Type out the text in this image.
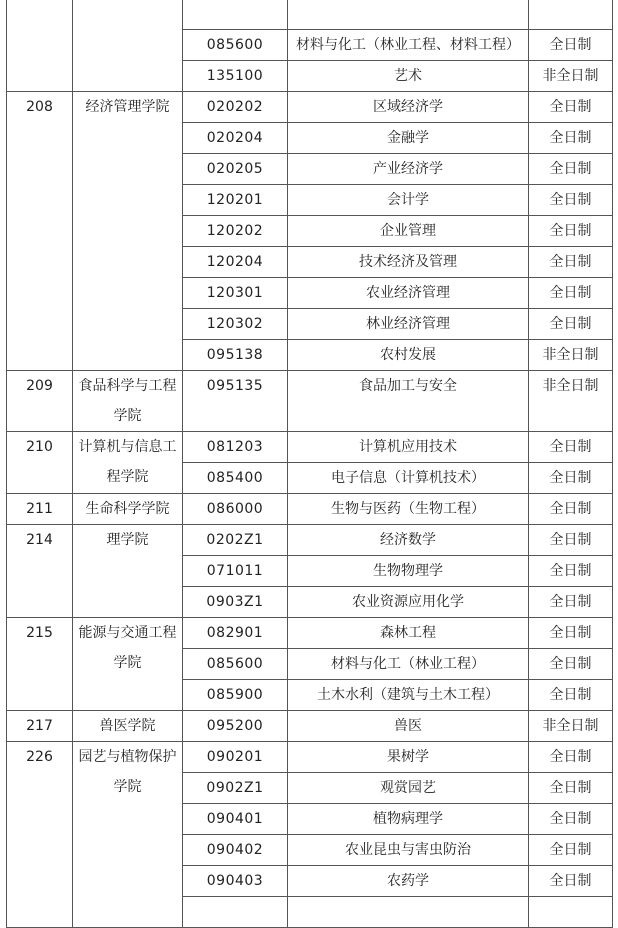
		085600	材料与化工（林业工程、材料工程）	全日制
		135100	艺术	非全日制
208	经济管理学院	020202	区域经济学	全日制
		020204	金融学	全日制
		020205	产业经济学	全日制
		120201	会计学	全日制
		120202	企业管理	全日制
		120204	技术经济及管理	全日制
		120301	农业经济管理	全日制
		120302	林业经济管理	全日制
		095138	农村发展	非全日制
209	食品科学与工程学院	095135	食品加工与安全	非全日制
210	计算机与信息工程学院	081203	计算机应用技术	全日制
		085400	电子信息（计算机技术）	全日制
211	生命科学学院	086000	生物与医药（生物工程）	全日制
214	理学院	0202Z1	经济数学	全日制
		071011	生物物理学	全日制
		0903Z1	农业资源应用化学	全日制
215	能源与交通工程学院	082901	森林工程	全日制
		085600	材料与化工（林业工程）	全日制
		085900	土木水利（建筑与土木工程）	全日制
217	兽医学院	095200	兽医	非全日制
226	园艺与植物保护学院	090201	果树学	全日制
		0902Z1	观赏园艺	全日制
		090401	植物病理学	全日制
		090402	农业昆虫与害虫防治	全日制
		090403	农药学	全日制
